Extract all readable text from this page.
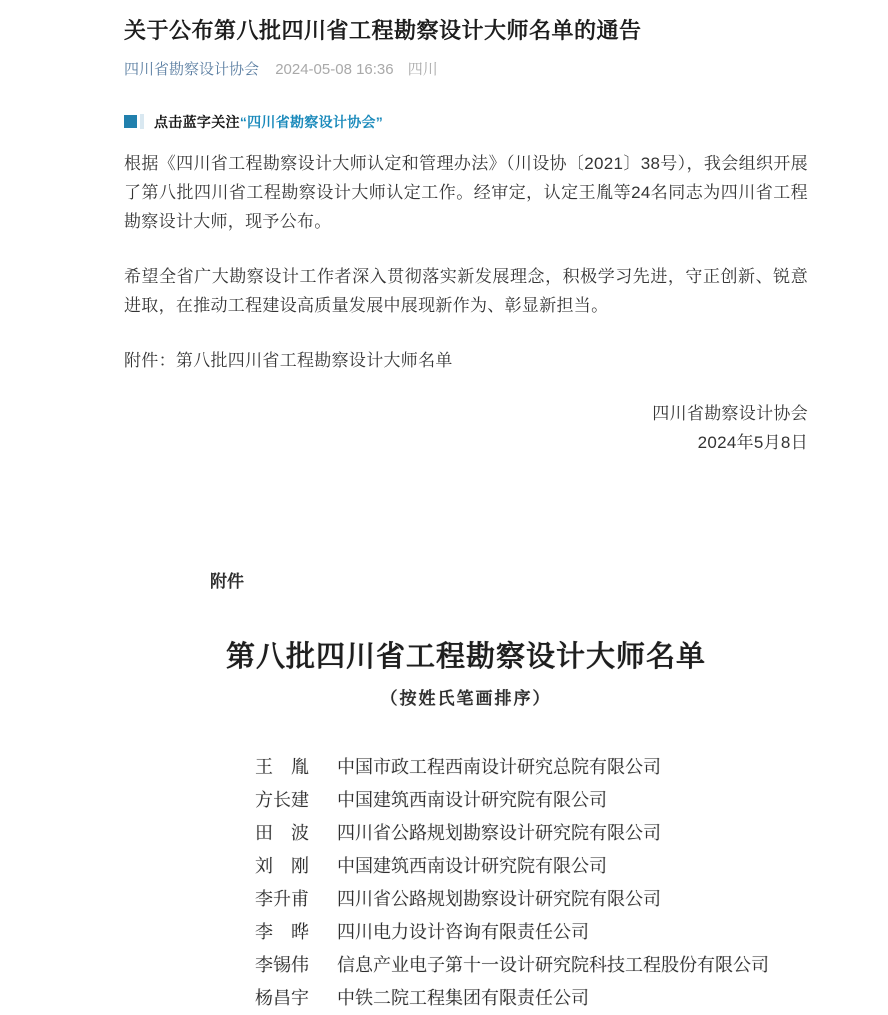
关于公布第八批四川省工程勘察设计大师名单的通告
四川省勘察设计协会 2024-05-08 16:36 四川
点击蓝字关注 “四川省勘察设计协会”

根据《四川省工程勘察设计大师认定和管理办法》（川设协〔2021〕38号），我会组织开展了第八批四川省工程勘察设计大师认定工作。经审定，认定王胤等24名同志为四川省工程勘察设计大师，现予公布。

希望全省广大勘察设计工作者深入贯彻落实新发展理念，积极学习先进，守正创新、锐意进取，在推动工程建设高质量发展中展现新作为、彰显新担当。

附件：第八批四川省工程勘察设计大师名单

四川省勘察设计协会
2024年5月8日
附件
第八批四川省工程勘察设计大师名单
（按姓氏笔画排序）
王　胤 中国市政工程西南设计研究总院有限公司
方长建 中国建筑西南设计研究院有限公司
田　波 四川省公路规划勘察设计研究院有限公司
刘　刚 中国建筑西南设计研究院有限公司
李升甫 四川省公路规划勘察设计研究院有限公司
李　晔 四川电力设计咨询有限责任公司
李锡伟 信息产业电子第十一设计研究院科技工程股份有限公司
杨昌宇 中铁二院工程集团有限责任公司
